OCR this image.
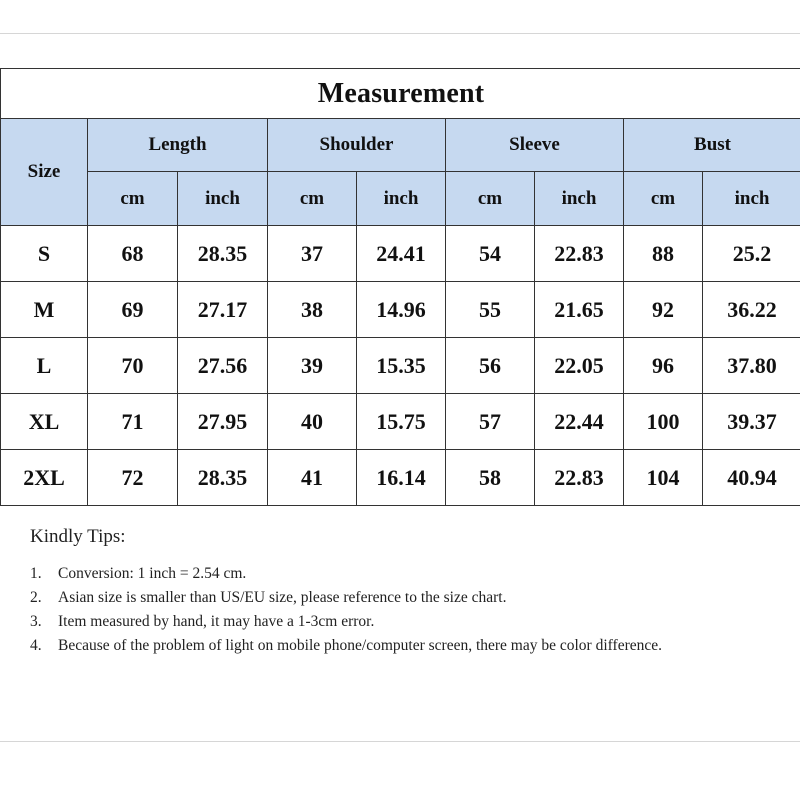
Measurement								
Size	Length		Shoulder		Sleeve		Bust	
	cm	inch	cm	inch	cm	inch	cm	inch
S	68	28.35	37	24.41	54	22.83	88	25.2
M	69	27.17	38	14.96	55	21.65	92	36.22
L	70	27.56	39	15.35	56	22.05	96	37.80
XL	71	27.95	40	15.75	57	22.44	100	39.37
2XL	72	28.35	41	16.14	58	22.83	104	40.94

Kindly Tips:

1. Conversion: 1 inch = 2.54 cm.
2. Asian size is smaller than US/EU size, please reference to the size chart.
3. Item measured by hand, it may have a 1-3cm error.
4. Because of the problem of light on mobile phone/computer screen, there may be color difference.
